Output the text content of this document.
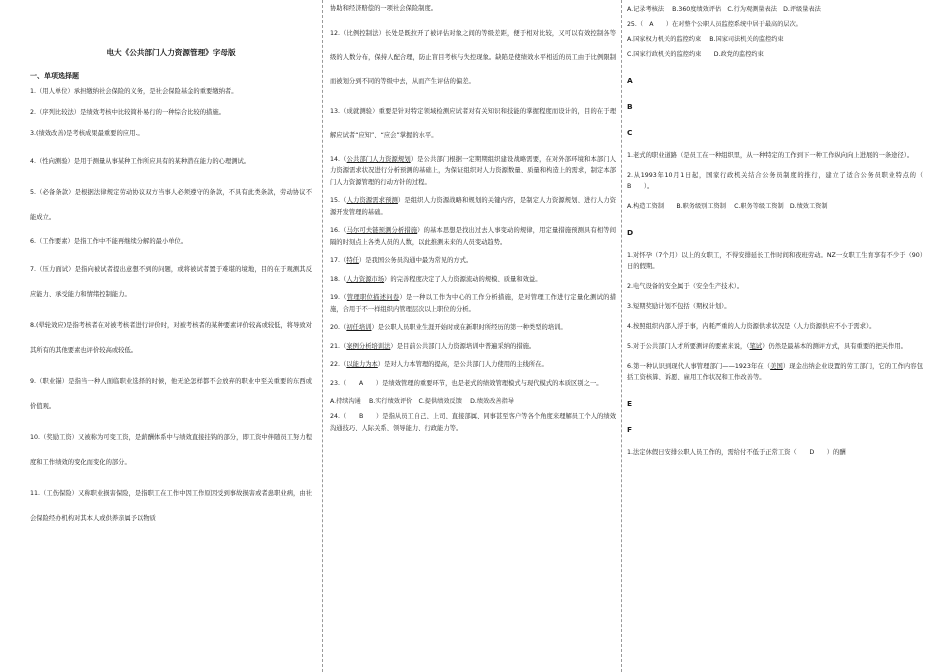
电大《公共部门人力资源管理》字母版
一、单项选择题
1.（用人单位）承担缴纳社会保险的义务，是社会保险基金的重要缴纳者。
2.（序列比较法）是绩效考核中比较简朴易行的一种综合比较的措施。
3.(绩效改善)是考核成果最重要的应用.。
4.（性向测验）是用于测量从事某种工作所应具有的某种潜在能力的心理测试。
5.（必备条款）是根据法律规定劳动协议双方当事人必须遵守的条款，不具有此类条款，劳动协议不能成立。
6.（工作要素）是指工作中不能再继续分解的最小单位。
7.（压力面试）是指向被试者提出意想不到的问题，或将被试者置于难堪的境地，目的在于观测其反应能力、承受能力和情绪控制能力。
8.(晕轮效应)是指考核者在对被考核者进行评价时，对被考核者的某种要素评价较高或较低，将导致对其所有的其他要素也评价较高或较低。
9.（职业锚）是指当一种人面临职业选择的时候，他无论怎样都不会放弃的职业中至关重要的东西或价值观。
10.（奖励工资）又被称为可变工资，是薪酬体系中与绩效直接挂钩的部分，即工资中伴随员工努力程度和工作绩效的变化而变化的部分。
11.（工伤保险）又称职业损害保险，是指职工在工作中因工作原因受到事故损害或者患职业病，由社会保险经办机构对其本人或供养亲属予以物质
协助和经济赔偿的一项社会保险制度。
12.（比例控制法）长处是既拉开了被评估对象之间的等级差距，便于相对比较，又可以有效控制各等级的人数分布，保持人配合理，防止盲目考核与失控现象。缺陷是使绩效水平相近的员工由于比例限制而被划分到不同的等级中去，从而产生评估的偏差。
13.（成就测验）重要是针对特定领域检测应试者对有关知识和技能的掌握程度而设计的，目的在于理解应试者“应知”、“应会”掌握的水平。
14.（公共部门人力资源规划）是公共部门根据一定期期组织建设战略需要，在对外部环境和本部门人力资源需求状况进行分析预测的基础上，为保证组织对人力资源数量、质量和构造上的需求，制定本部门人力资源管理的行动方针的过程。
15.（人力资源需求预测）是组织人力资源战略和规划的关键内容，是制定人力资源规划、进行人力资源开发管理的基础。
16.（马尔可夫链预测分析措施）的基本思想是找出过去人事变动的规律，用定量措施预测具有相等间隔的时刻点上各类人员的人数，以此推测未来的人员变动趋势。
17.（特任）是我国公务员沟通中最为常见的方式。
18.（人力资源市场）的完善程度决定了人力资源流动的规模、质量和效益。
19.（管理职位描述问卷）是一种以工作为中心的工作分析措施，是对管理工作进行定量化测试的措施，合用于不一样组织内管理层次以上职位的分析。
20.（初任培训）是公职人员职业生涯开始时或在新职时所经历的第一种类型的培训。
21.（案例分析培训法）是目前公共部门人力资源培训中普遍采纳的措施。
22.（以能力为本）是对人力本管理的提高，是公共部门人力使用的主线所在。
23.（　　A　　）是绩效管理的重要环节，也是老式的绩效管理模式与现代模式的本质区别之一。
A.持续沟通　 B.实行绩效评价　C.提供绩效反馈　 D.绩效改善指导
24.（　　B　　）是指从员工自己、上司、直接部属、同事甚至客户等各个角度来理解员工个人的绩效沟通技巧、人际关系、领导能力、行政能力等。
A.记录考核法　 B.360度绩效评估　C.行为观测量表法　D.评级量表法
25.（　A　　）在对整个公职人员监控系统中居于最高的层次。
A.国家权力机关的监控约束　 B.国家司法机关的监控约束
C.国家行政机关的监控约束　　D.政党的监控约束
A
B
C
1.老式的职业道路（是员工在一种组织里，从一种特定的工作到下一种工作纵向向上进展的一条途径）。
2.从1993年10月1日起，国家行政机关结合公务员制度的推行，建立了适合公务员职业特点的（　　B　　）。
A.构造工资制　　B.职务级别工资制　 C.职务等级工资制　D.绩效工资制
D
1.对怀孕（7个月）以上的女职工，不得安排延长工作时间和夜班劳动。NZ一女职工生育享有不少于（90）日的假期。
2.电气设备的安全属于（安全生产技术）。
3.短期奖励计划不包括（期权计划）。
4.按照组织内部人浮于事，内耗严重的人力资源供求状况是（人力资源供应不小于需求）。
5.对于公共部门人才所要测评的要素来说，（笔试）仍然是最基本的测评方式，具有重要的把关作用。
6.第一种认识到现代人事管理部门——1923年在（美国）现金出纳企业设置的劳工部门，它的工作内容包括工资核算、诉愿、雇用工作状况和工作改善等。
E
F
1.法定休假日安排公职人员工作的，需给付不低于正常工资（　　D　　）的酬
